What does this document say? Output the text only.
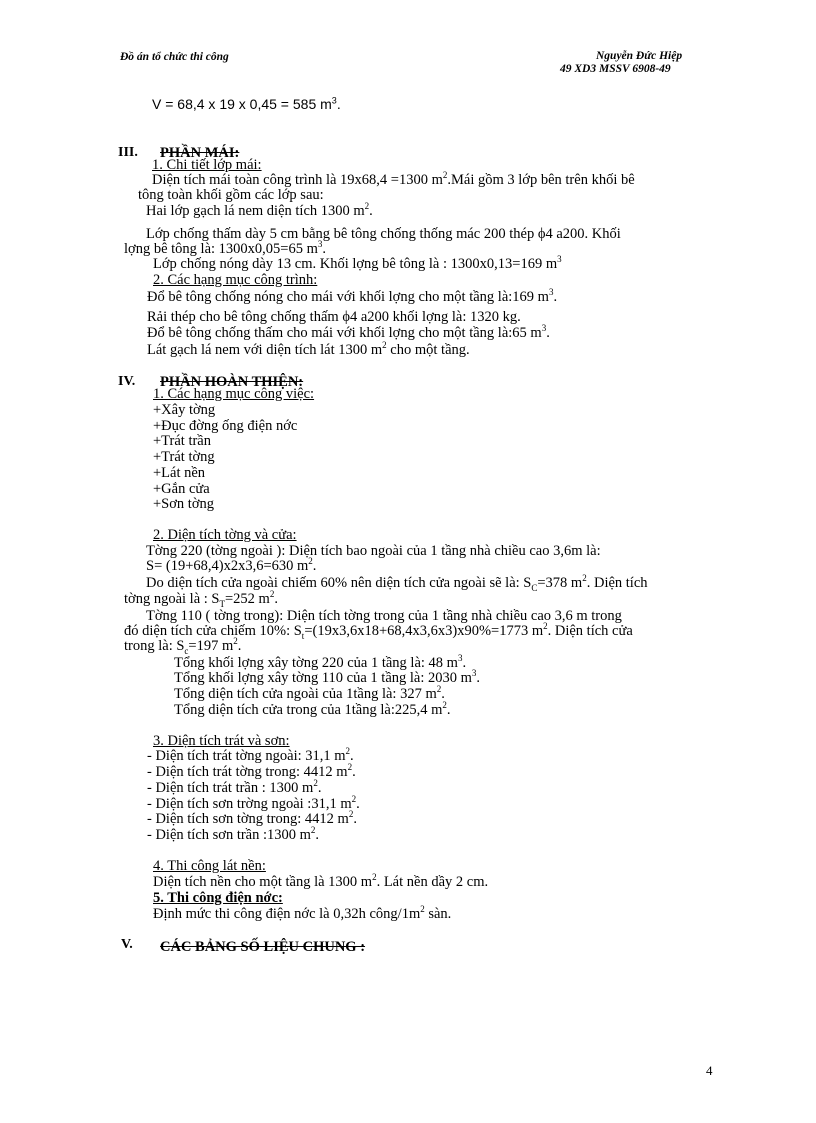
Đồ án tổ chức thi công	Nguyễn Đức Hiệp
49 XD3 MSSV 6908-49
V = 68,4 x 19 x 0,45 = 585 $m^3$.
III. PHẦN MÁI:
1. Chi tiết lớp mái:
Diện tích mái toàn công trình là 19x68,4 =1300 $m^2.Mái$ gồm 3 lớp bên trên khối bê
tông toàn khối gồm các lớp sau:
Hai lớp gạch lá nem diện tích 1300 $m^2$.
Lớp chống thấm dày 5 cm bằng bê tông chống thống mác 200 thép ϕ4 a200. Khối
lợng bê tông là: 1300x0,05=65 $m^3$.
Lớp chống nóng dày 13 cm. Khối lợng bê tông là : 1300x0,13=169 $m^3$
2. Các hạng mục công trình:
Đổ bê tông chống nóng cho mái với khối lợng cho một tầng là:169 $m^3$.
Rải thép cho bê tông chống thấm ϕ4 a200 khối lợng là: 1320 kg.
Đổ bê tông chống thấm cho mái với khối lợng cho một tầng là:65 $m^3$.
Lát gạch lá nem với diện tích lát 1300 $m^2$ cho một tầng.
IV. PHẦN HOÀN THIỆN:
1. Các hạng mục công việc:
+Xây tờng
+Đục đờng ống điện nớc
+Trát trần
+Trát tờng
+Lát nền
+Gắn cửa
+Sơn tờng
2. Diện tích tờng và cửa:
Tờng 220 (tờng ngoài ): Diện tích bao ngoài của 1 tầng nhà chiều cao 3,6m là:
S= (19+68,4)x2x3,6=630 $m^2$.
Do diện tích cửa ngoài chiếm 60% nên diện tích cửa ngoài sẽ là: $S_C=378$ $m^2$. Diện tích
tờng ngoài là : $S_T=252$ $m^2$.
Tờng 110 ( tờng trong): Diện tích tờng trong của 1 tầng nhà chiều cao 3,6 m trong
đó diện tích cửa chiếm 10%: $S_t=(19x3,6x18+68,4x3,6x3)x90\%=1773$ $m^2$. Diện tích cửa
trong là: $S_c=197$ $m^2$.
Tổng khối lợng xây tờng 220 của 1 tầng là: 48 $m^3$.
Tổng khối lợng xây tờng 110 của 1 tầng là: 2030 $m^3$.
Tổng diện tích cửa ngoài của 1tầng là: 327 $m^2$.
Tổng diện tích cửa trong của 1tầng là:225,4 $m^2$.
3. Diện tích trát và sơn:
- Diện tích trát tờng ngoài: 31,1 $m^2$.
- Diện tích trát tờng trong: 4412 $m^2$.
- Diện tích trát trần : 1300 $m^2$.
- Diện tích sơn trờng ngoài :31,1 $m^2$.
- Diện tích sơn tờng trong: 4412 $m^2$.
- Diện tích sơn trần :1300 $m^2$.
4. Thi công lát nền:
Diện tích nền cho một tầng là 1300 $m^2$. Lát nền dầy 2 cm.
5. Thi công điện nớc:
Định mức thi công điện nớc là 0,32h công/$1m^2$ sàn.
V. CÁC BẢNG SỐ LIỆU CHUNG :
4
